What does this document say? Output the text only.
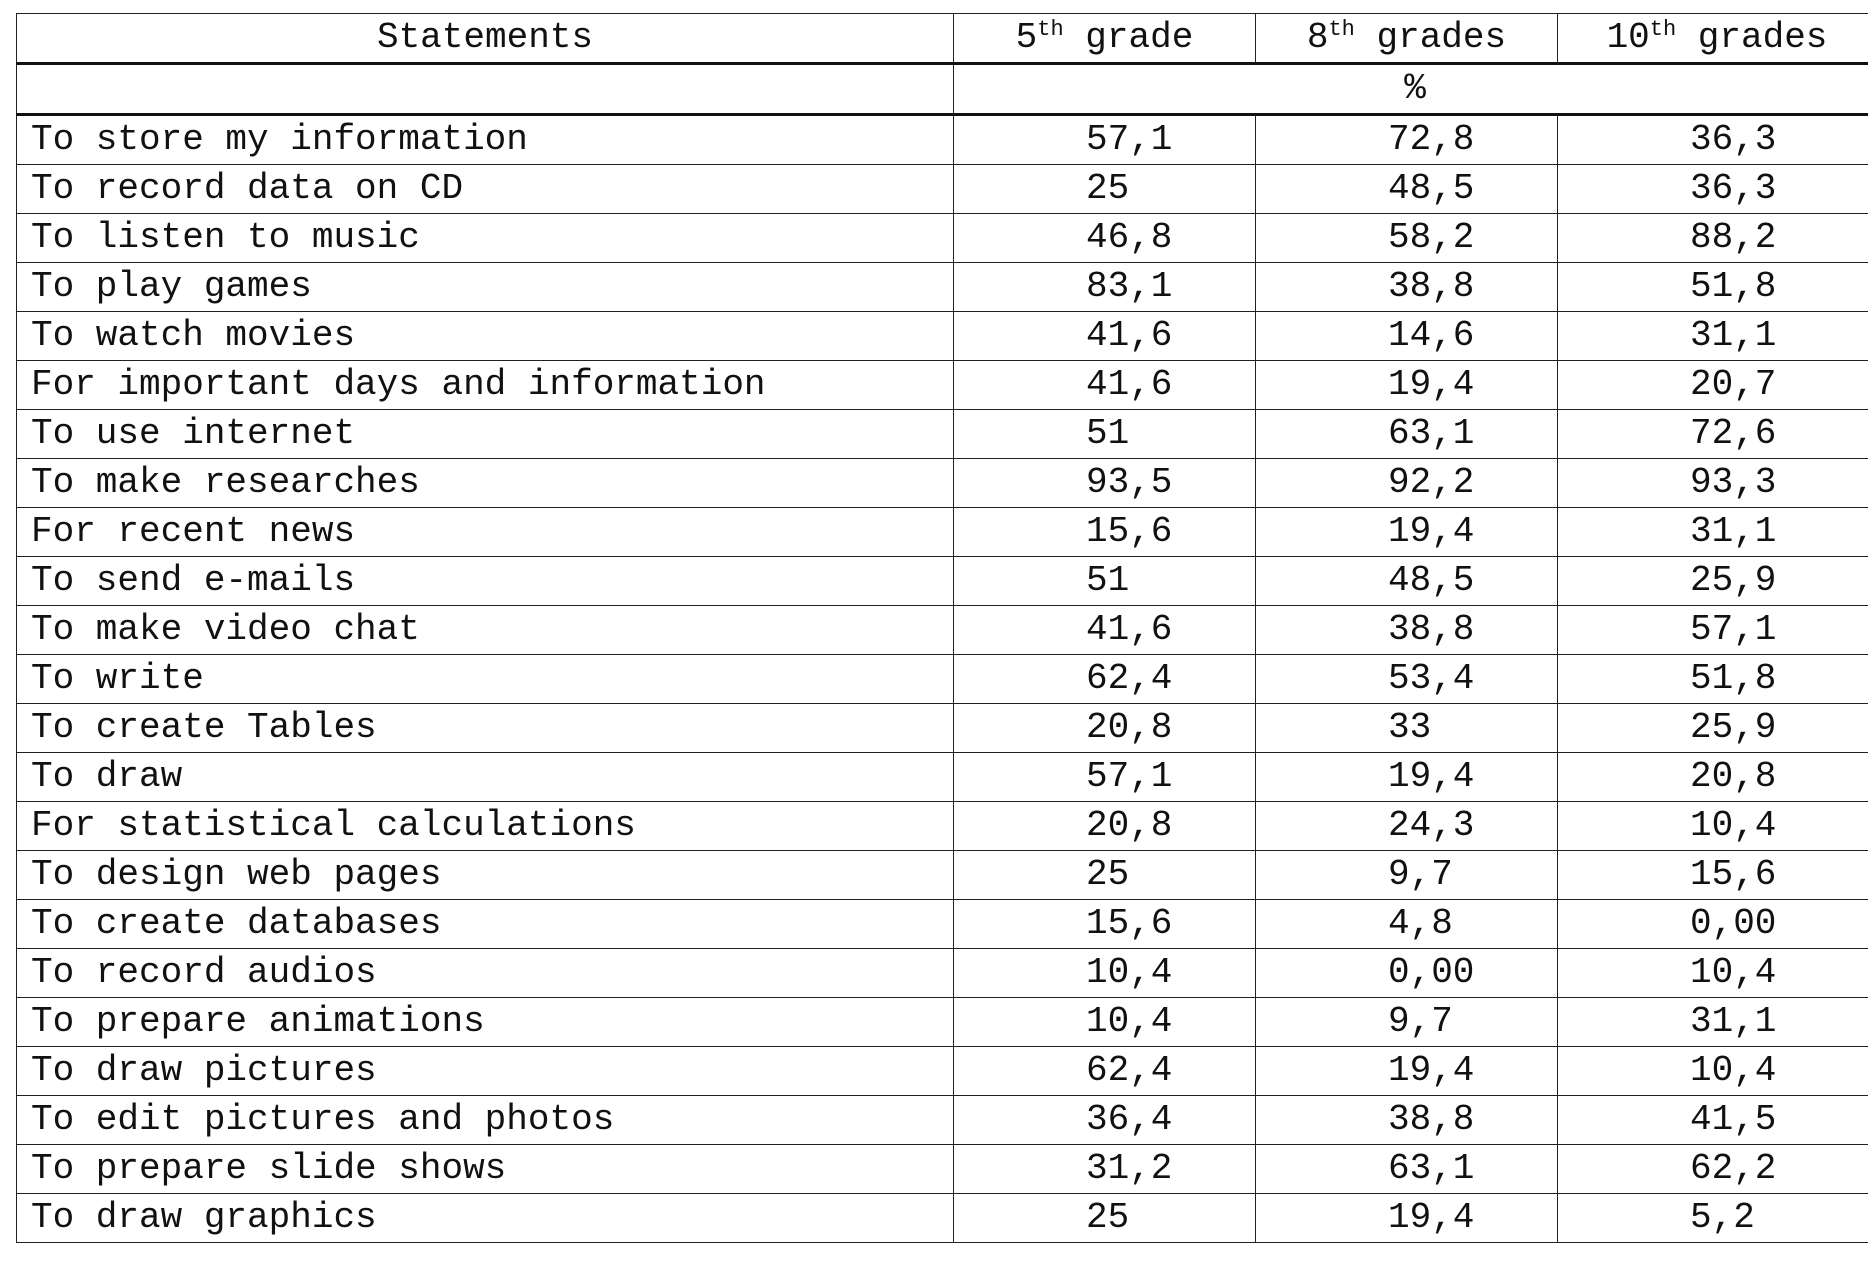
Statements	5th grade	8th grades	10th grades
	%		
To store my information	57,1	72,8	36,3
To record data on CD	25	48,5	36,3
To listen to music	46,8	58,2	88,2
To play games	83,1	38,8	51,8
To watch movies	41,6	14,6	31,1
For important days and information	41,6	19,4	20,7
To use internet	51	63,1	72,6
To make researches	93,5	92,2	93,3
For recent news	15,6	19,4	31,1
To send e-mails	51	48,5	25,9
To make video chat	41,6	38,8	57,1
To write	62,4	53,4	51,8
To create Tables	20,8	33	25,9
To draw	57,1	19,4	20,8
For statistical calculations	20,8	24,3	10,4
To design web pages	25	9,7	15,6
To create databases	15,6	4,8	0,00
To record audios	10,4	0,00	10,4
To prepare animations	10,4	9,7	31,1
To draw pictures	62,4	19,4	10,4
To edit pictures and photos	36,4	38,8	41,5
To prepare slide shows	31,2	63,1	62,2
To draw graphics	25	19,4	5,2
